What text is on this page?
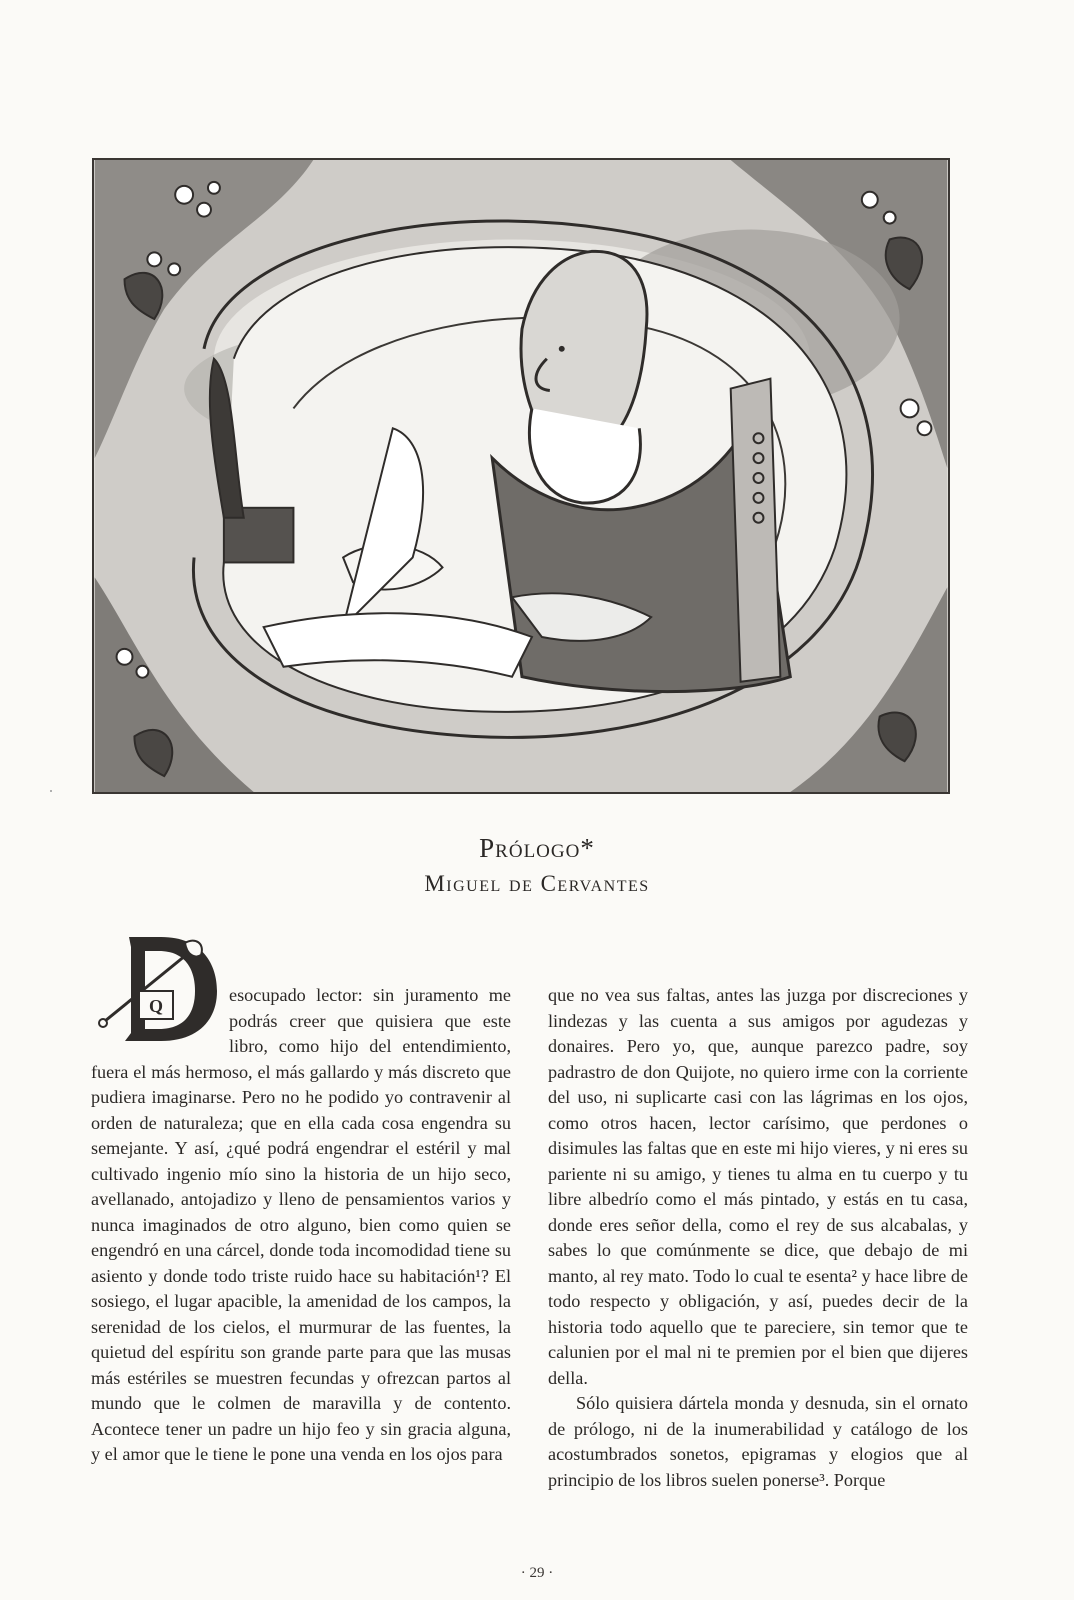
Prólogo*
Miguel de Cervantes
Q
esocupado lector: sin juramento me podrás creer que quisiera que este libro, como hijo del entendimiento, fuera el más hermoso, el más gallardo y más discreto que pudiera imaginarse. Pero no he podido yo contravenir al orden de naturaleza; que en ella cada cosa engendra su semejante. Y así, ¿qué podrá engendrar el estéril y mal cultivado ingenio mío sino la historia de un hijo seco, avellanado, antojadizo y lleno de pensamientos varios y nunca imaginados de otro alguno, bien como quien se engendró en una cárcel, donde toda incomodidad tiene su asiento y donde todo triste ruido hace su habitación¹? El sosiego, el lugar apacible, la amenidad de los campos, la serenidad de los cielos, el murmurar de las fuentes, la quietud del espíritu son grande parte para que las musas más estériles se muestren fecundas y ofrezcan partos al mundo que le colmen de maravilla y de contento. Acontece tener un padre un hijo feo y sin gracia alguna, y el amor que le tiene le pone una venda en los ojos para
que no vea sus faltas, antes las juzga por discreciones y lindezas y las cuenta a sus amigos por agudezas y donaires. Pero yo, que, aunque parezco padre, soy padrastro de don Quijote, no quiero irme con la corriente del uso, ni suplicarte casi con las lágrimas en los ojos, como otros hacen, lector carísimo, que perdones o disimules las faltas que en este mi hijo vieres, y ni eres su pariente ni su amigo, y tienes tu alma en tu cuerpo y tu libre albedrío como el más pintado, y estás en tu casa, donde eres señor della, como el rey de sus alcabalas, y sabes lo que comúnmente se dice, que debajo de mi manto, al rey mato. Todo lo cual te esenta² y hace libre de todo respecto y obligación, y así, puedes decir de la historia todo aquello que te pareciere, sin temor que te calunien por el mal ni te premien por el bien que dijeres della.
Sólo quisiera dártela monda y desnuda, sin el ornato de prólogo, ni de la inumerabilidad y catálogo de los acostumbrados sonetos, epigramas y elogios que al principio de los libros suelen ponerse³. Porque
· 29 ·
